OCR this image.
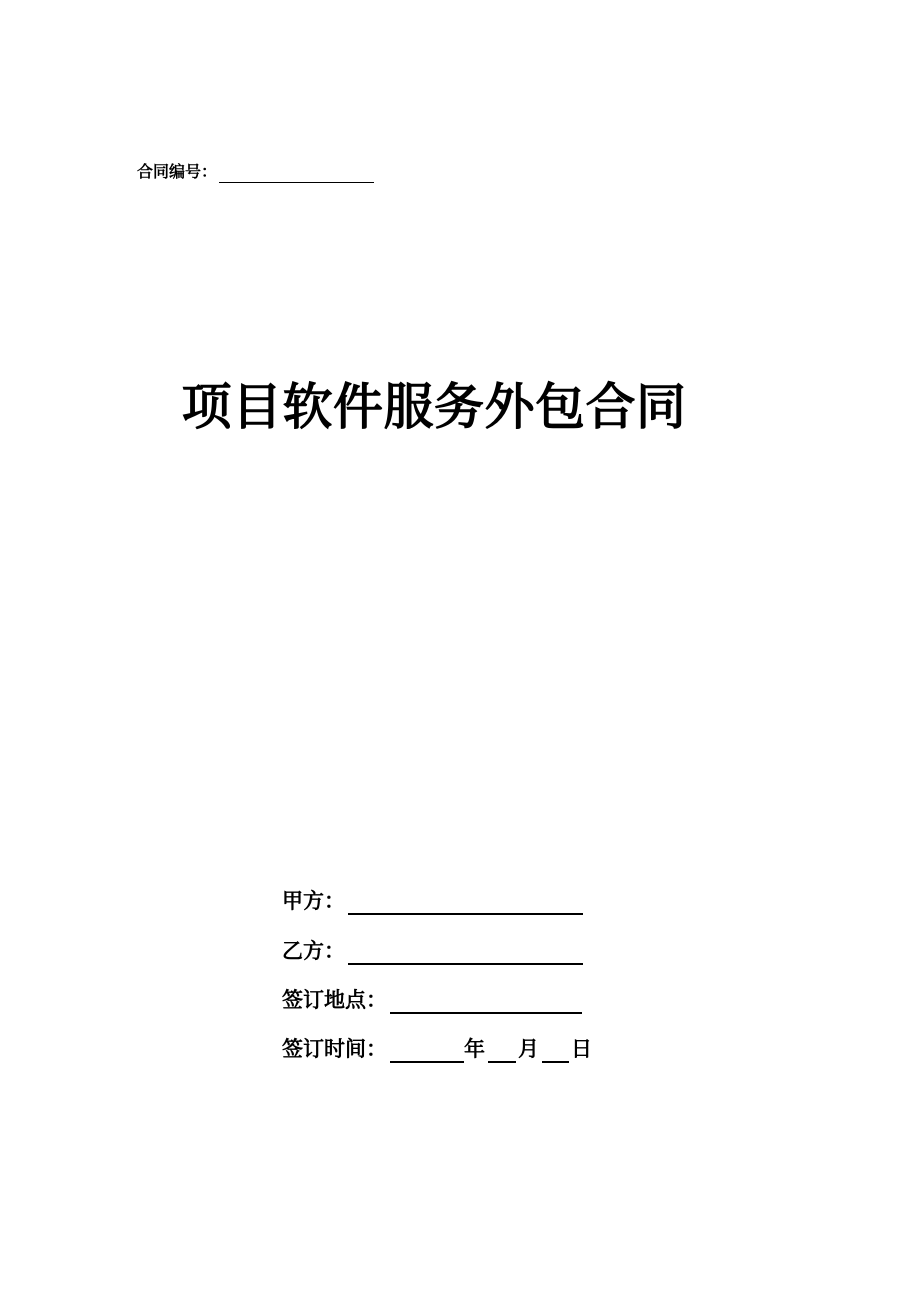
合同编号：
项目软件服务外包合同
甲方：
乙方：
签订地点：
签订时间：	年 月 日
